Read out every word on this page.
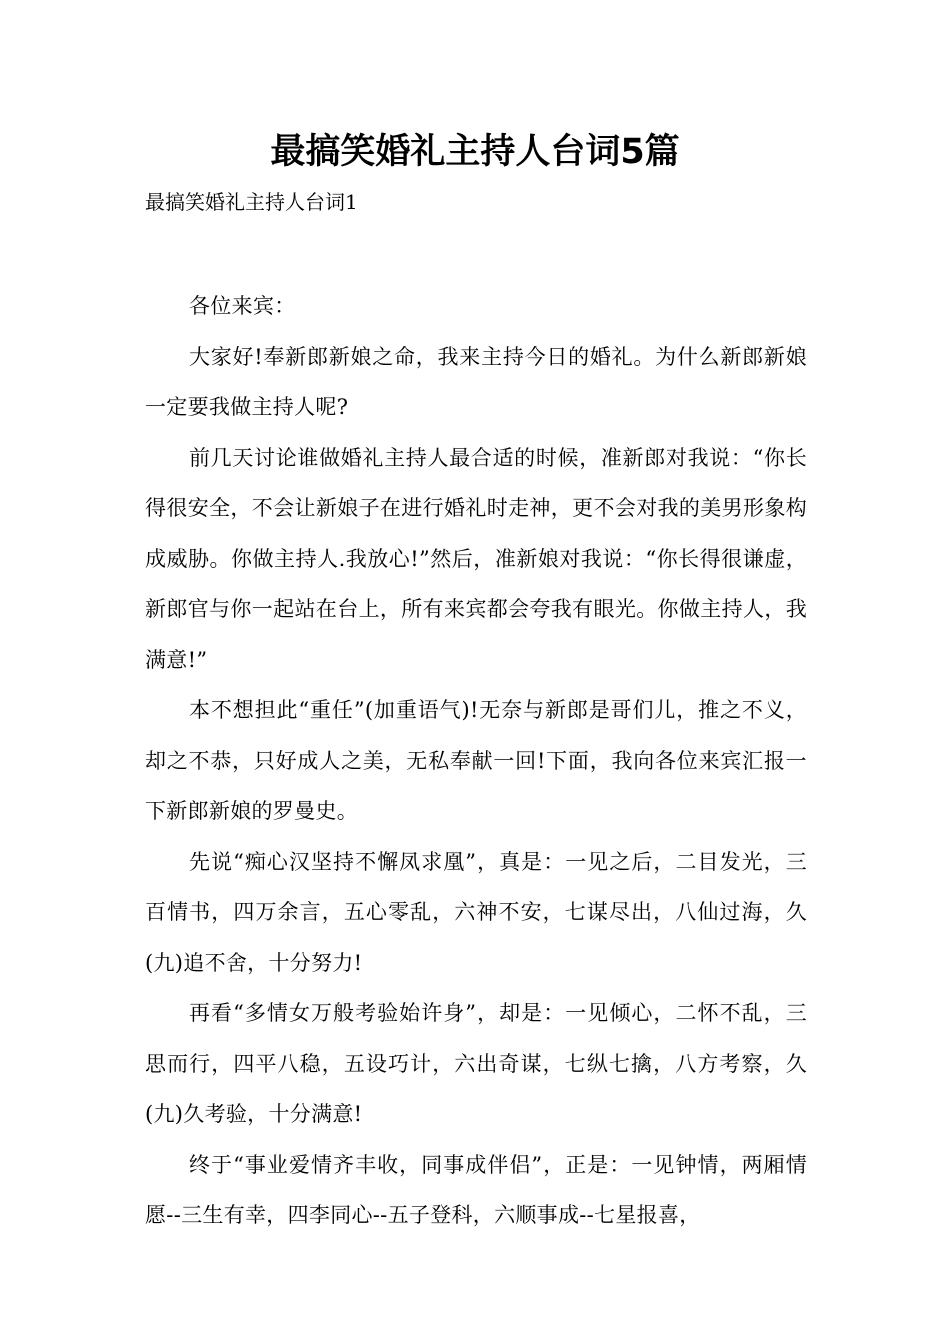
最搞笑婚礼主持人台词5篇
最搞笑婚礼主持人台词1

各位来宾：

大家好!奉新郎新娘之命，我来主持今日的婚礼。为什么新郎新娘一定要我做主持人呢?

前几天讨论谁做婚礼主持人最合适的时候，准新郎对我说：“你长得很安全，不会让新娘子在进行婚礼时走神，更不会对我的美男形象构成威胁。你做主持人.我放心!”然后，准新娘对我说：“你长得很谦虚，新郎官与你一起站在台上，所有来宾都会夸我有眼光。你做主持人，我满意!”

本不想担此“重任”(加重语气)!无奈与新郎是哥们儿，推之不义，却之不恭，只好成人之美，无私奉献一回!下面，我向各位来宾汇报一下新郎新娘的罗曼史。

先说“痴心汉坚持不懈凤求凰”，真是：一见之后，二目发光，三百情书，四万余言，五心零乱，六神不安，七谋尽出，八仙过海，久(九)追不舍，十分努力!

再看“多情女万般考验始许身”，却是：一见倾心，二怀不乱，三思而行，四平八稳，五设巧计，六出奇谋，七纵七擒，八方考察，久(九)久考验，十分满意!

终于“事业爱情齐丰收，同事成伴侣”，正是：一见钟情，两厢情愿--三生有幸，四李同心--五子登科，六顺事成--七星报喜，
